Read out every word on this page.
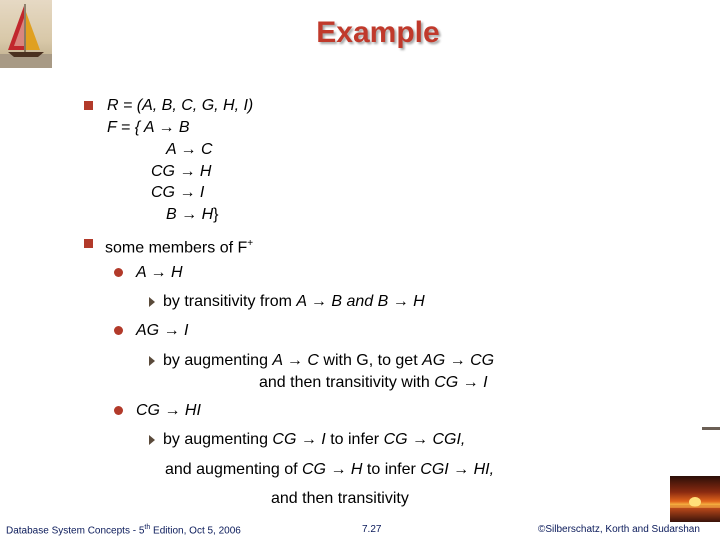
Example
R = (A, B, C, G, H, I)
F = { A → B
A → C
CG → H
CG → I
B → H}
some members of F+
A → H
by transitivity from A → B and B → H
AG → I
by augmenting A → C with G, to get AG → CG
and then transitivity with CG → I
CG → HI
by augmenting CG → I to infer CG → CGI,
and augmenting of CG → H to infer CGI → HI,
and then transitivity
Database System Concepts - 5th Edition, Oct 5, 2006	7.27	©Silberschatz, Korth and Sudarshan
